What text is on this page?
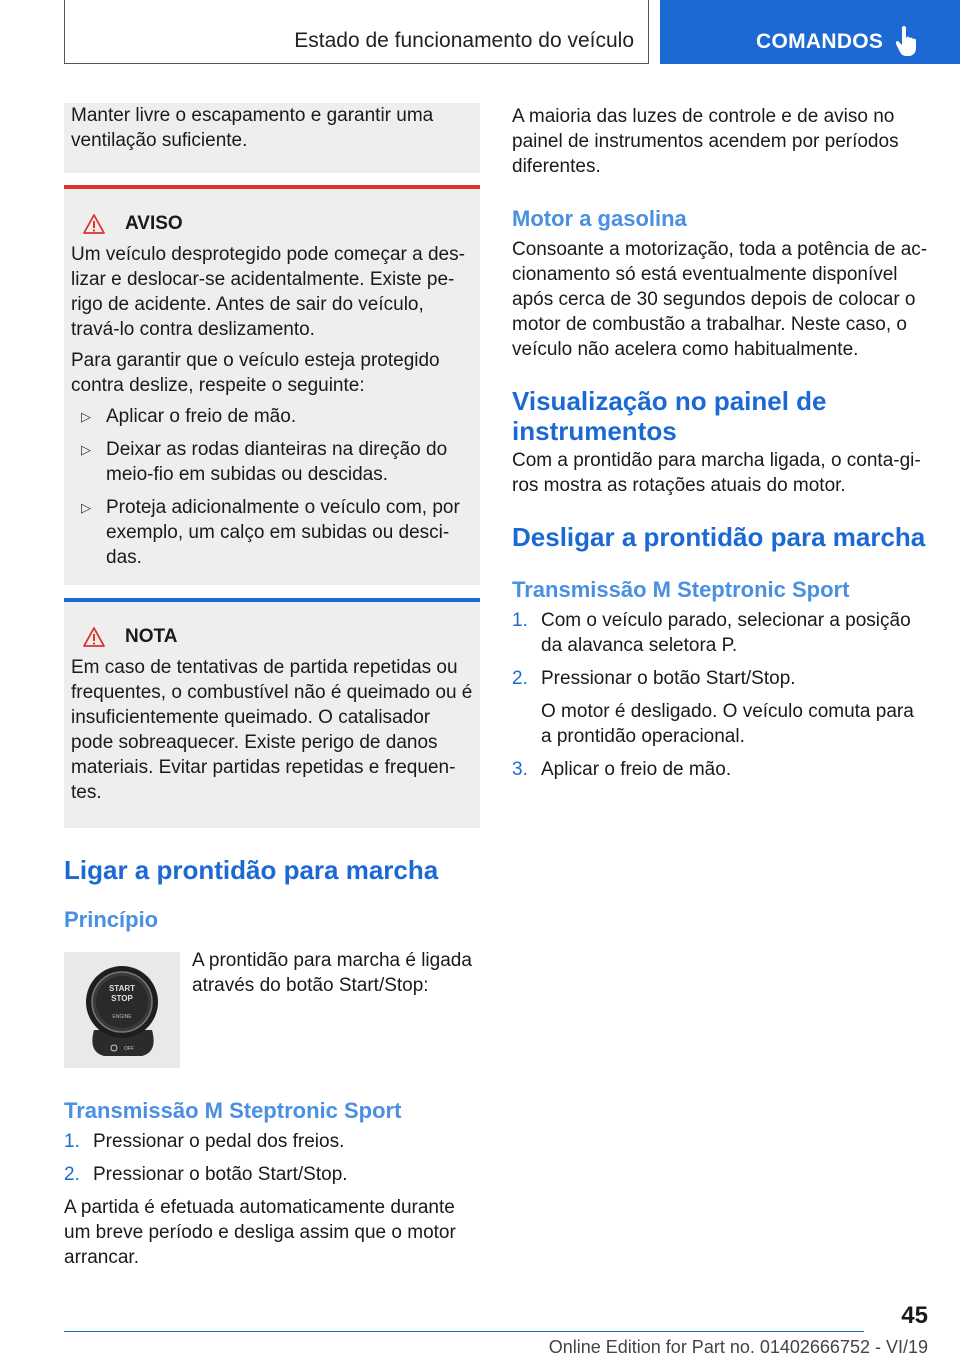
Estado de funcionamento do veículo	COMANDOS

Manter livre o escapamento e garantir uma ventilação suficiente.

AVISO

Um veículo desprotegido pode começar a des-lizar e deslocar-se acidentalmente. Existe pe-rigo de acidente. Antes de sair do veículo, travá-lo contra deslizamento.

Para garantir que o veículo esteja protegido contra deslize, respeite o seguinte:

▷ Aplicar o freio de mão.
▷ Deixar as rodas dianteiras na direção do meio-fio em subidas ou descidas.
▷ Proteja adicionalmente o veículo com, por exemplo, um calço em subidas ou desci-das.
NOTA

Em caso de tentativas de partida repetidas ou frequentes, o combustível não é queimado ou é insuficientemente queimado. O catalisador pode sobreaquecer. Existe perigo de danos materiais. Evitar partidas repetidas e frequen-tes.

Ligar a prontidão para marcha
Princípio
START
STOP
ENGINE
OFF

A prontidão para marcha é ligada através do botão Start/Stop:

Transmissão M Steptronic Sport
1. Pressionar o pedal dos freios.
2. Pressionar o botão Start/Stop.

A partida é efetuada automaticamente durante um breve período e desliga assim que o motor arrancar.

A maioria das luzes de controle e de aviso no painel de instrumentos acendem por períodos diferentes.

Motor a gasolina

Consoante a motorização, toda a potência de ac-cionamento só está eventualmente disponível após cerca de 30 segundos depois de colocar o motor de combustão a trabalhar. Neste caso, o veículo não acelera como habitualmente.

Visualização no painel de instrumentos

Com a prontidão para marcha ligada, o conta-gi-ros mostra as rotações atuais do motor.

Desligar a prontidão para marcha
Transmissão M Steptronic Sport
1. Com o veículo parado, selecionar a posição da alavanca seletora P.
2. Pressionar o botão Start/Stop.
O motor é desligado. O veículo comuta para a prontidão operacional.
3. Aplicar o freio de mão.
45
Online Edition for Part no. 01402666752 - VI/19
